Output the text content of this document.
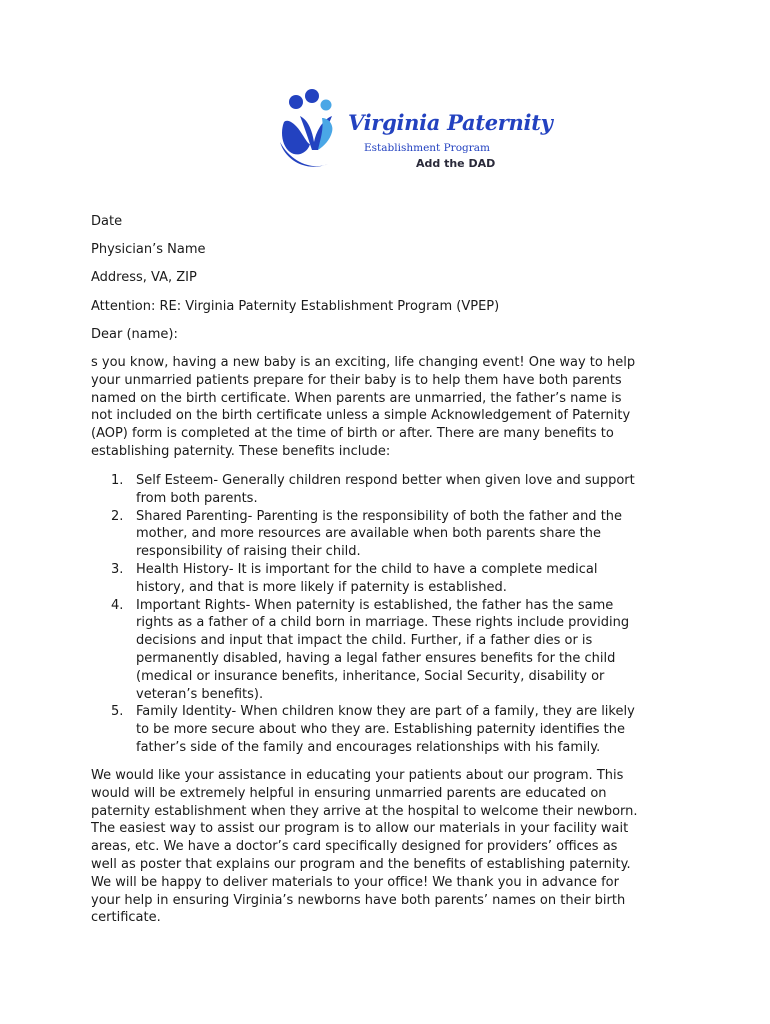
Virginia Paternity
Establishment Program
Add the DAD
Date
Physician’s Name
Address, VA, ZIP
Attention: RE: Virginia Paternity Establishment Program (VPEP)
Dear (name):

s you know, having a new baby is an exciting, life changing event! One way to help
your unmarried patients prepare for their baby is to help them have both parents
named on the birth certificate. When parents are unmarried, the father’s name is
not included on the birth certificate unless a simple Acknowledgement of Paternity
(AOP) form is completed at the time of birth or after. There are many benefits to
establishing paternity. These benefits include:

1. Self Esteem- Generally children respond better when given love and support
from both parents.
2. Shared Parenting- Parenting is the responsibility of both the father and the
mother, and more resources are available when both parents share the
responsibility of raising their child.
3. Health History- It is important for the child to have a complete medical
history, and that is more likely if paternity is established.
4. Important Rights- When paternity is established, the father has the same
rights as a father of a child born in marriage. These rights include providing
decisions and input that impact the child. Further, if a father dies or is
permanently disabled, having a legal father ensures benefits for the child
(medical or insurance benefits, inheritance, Social Security, disability or
veteran’s benefits).
5. Family Identity- When children know they are part of a family, they are likely
to be more secure about who they are. Establishing paternity identifies the
father’s side of the family and encourages relationships with his family.

We would like your assistance in educating your patients about our program. This
would will be extremely helpful in ensuring unmarried parents are educated on
paternity establishment when they arrive at the hospital to welcome their newborn.
The easiest way to assist our program is to allow our materials in your facility wait
areas, etc. We have a doctor’s card specifically designed for providers’ offices as
well as poster that explains our program and the benefits of establishing paternity.
We will be happy to deliver materials to your office! We thank you in advance for
your help in ensuring Virginia’s newborns have both parents’ names on their birth
certificate.
